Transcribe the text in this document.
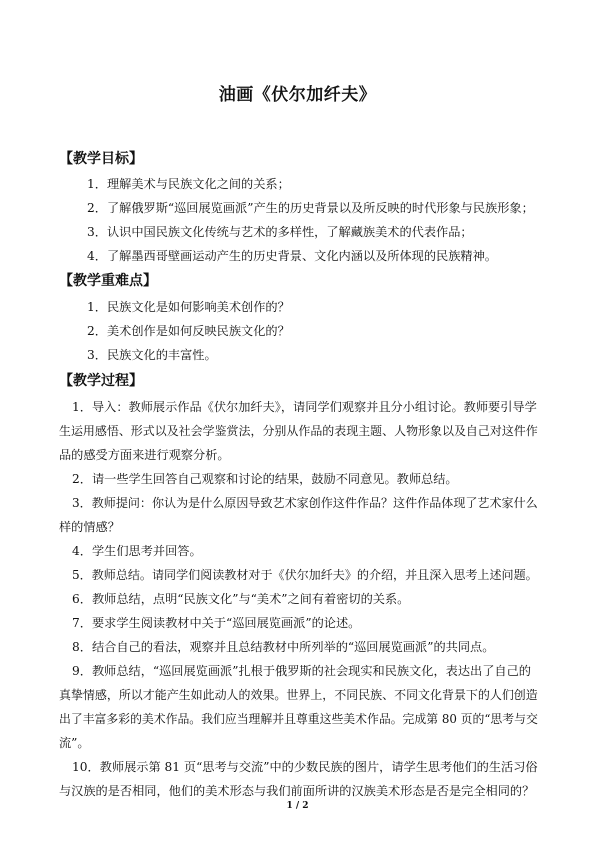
油画《伏尔加纤夫》
【教学目标】
1．理解美术与民族文化之间的关系；
2．了解俄罗斯“巡回展览画派”产生的历史背景以及所反映的时代形象与民族形象；
3．认识中国民族文化传统与艺术的多样性，了解藏族美术的代表作品；
4．了解墨西哥壁画运动产生的历史背景、文化内涵以及所体现的民族精神。
【教学重难点】
1．民族文化是如何影响美术创作的？
2．美术创作是如何反映民族文化的？
3．民族文化的丰富性。
【教学过程】
1．导入：教师展示作品《伏尔加纤夫》，请同学们观察并且分小组讨论。教师要引导学
生运用感悟、形式以及社会学鉴赏法，分别从作品的表现主题、人物形象以及自己对这件作
品的感受方面来进行观察分析。
2．请一些学生回答自己观察和讨论的结果，鼓励不同意见。教师总结。
3．教师提问：你认为是什么原因导致艺术家创作这件作品？这件作品体现了艺术家什么
样的情感？
4．学生们思考并回答。
5．教师总结。请同学们阅读教材对于《伏尔加纤夫》的介绍，并且深入思考上述问题。
6．教师总结，点明“民族文化”与“美术”之间有着密切的关系。
7．要求学生阅读教材中关于“巡回展览画派”的论述。
8．结合自己的看法，观察并且总结教材中所列举的“巡回展览画派”的共同点。
9．教师总结，“巡回展览画派”扎根于俄罗斯的社会现实和民族文化，表达出了自己的
真挚情感，所以才能产生如此动人的效果。世界上，不同民族、不同文化背景下的人们创造
出了丰富多彩的美术作品。我们应当理解并且尊重这些美术作品。完成第 80 页的“思考与交
流”。
10．教师展示第 81 页“思考与交流”中的少数民族的图片，请学生思考他们的生活习俗
与汉族的是否相同，他们的美术形态与我们前面所讲的汉族美术形态是否是完全相同的？
1 / 2
